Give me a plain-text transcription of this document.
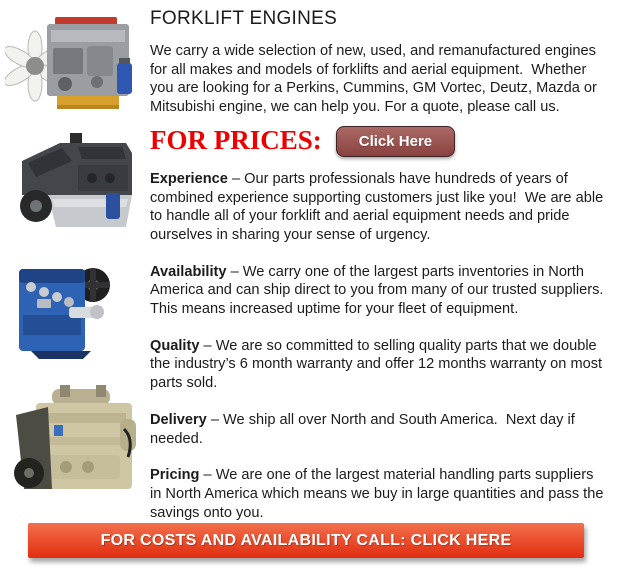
FORKLIFT ENGINES

We carry a wide selection of new, used, and remanufactured engines for all makes and models of forklifts and aerial equipment.  Whether you are looking for a Perkins, Cummins, GM Vortec, Deutz, Mazda or Mitsubishi engine, we can help you. For a quote, please call us.

FOR PRICES:	Click Here

Experience – Our parts professionals have hundreds of years of combined experience supporting customers just like you!  We are able to handle all of your forklift and aerial equipment needs and pride ourselves in sharing your sense of urgency.

Availability – We carry one of the largest parts inventories in North America and can ship direct to you from many of our trusted suppliers. This means increased uptime for your fleet of equipment.

Quality – We are so committed to selling quality parts that we double the industry’s 6 month warranty and offer 12 months warranty on most parts sold.

Delivery – We ship all over North and South America.  Next day if needed.

Pricing – We are one of the largest material handling parts suppliers in North America which means we buy in large quantities and pass the savings onto you.

FOR COSTS AND AVAILABILITY CALL: CLICK HERE
